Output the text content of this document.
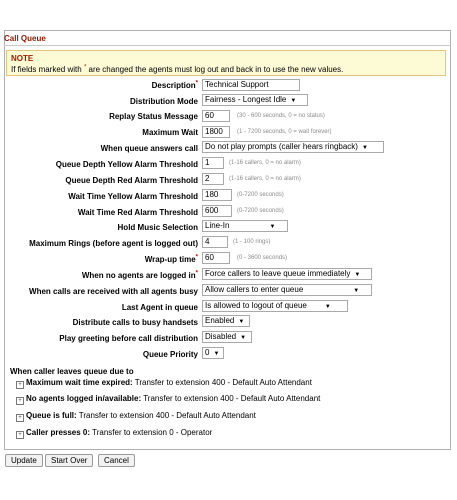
Call Queue
NOTE
If fields marked with * are changed the agents must log out and back in to use the new values.
Description* Technical Support
Distribution Mode Fairness - Longest Idle ▼
Replay Status Message 60	(30 - 600 seconds, 0 = no status)
Maximum Wait 1800	(1 - 7200 seconds, 0 = wait forever)
When queue answers call Do not play prompts (caller hears ringback) ▼
Queue Depth Yellow Alarm Threshold 1	(1-16 callers, 0 = no alarm)
Queue Depth Red Alarm Threshold 2	(1-16 callers, 0 = no alarm)
Wait Time Yellow Alarm Threshold 180	(0-7200 seconds)
Wait Time Red Alarm Threshold 600	(0-7200 seconds)
Hold Music Selection Line-In	▼
Maximum Rings (before agent is logged out) 4	(1 - 100 rings)
Wrap-up time* 60	(0 - 3600 seconds)
When no agents are logged in* Force callers to leave queue immediately ▼
When calls are received with all agents busy Allow callers to enter queue	▼
Last Agent in queue Is allowed to logout of queue	▼
Distribute calls to busy handsets Enabled ▼
Play greeting before call distribution Disabled ▼
Queue Priority 0 ▼
When caller leaves queue due to
+ Maximum wait time expired: Transfer to extension 400 - Default Auto Attendant
+ No agents logged in/available: Transfer to extension 400 - Default Auto Attendant
+ Queue is full: Transfer to extension 400 - Default Auto Attendant
+ Caller presses 0: Transfer to extension 0 - Operator
Update	Start Over	Cancel
